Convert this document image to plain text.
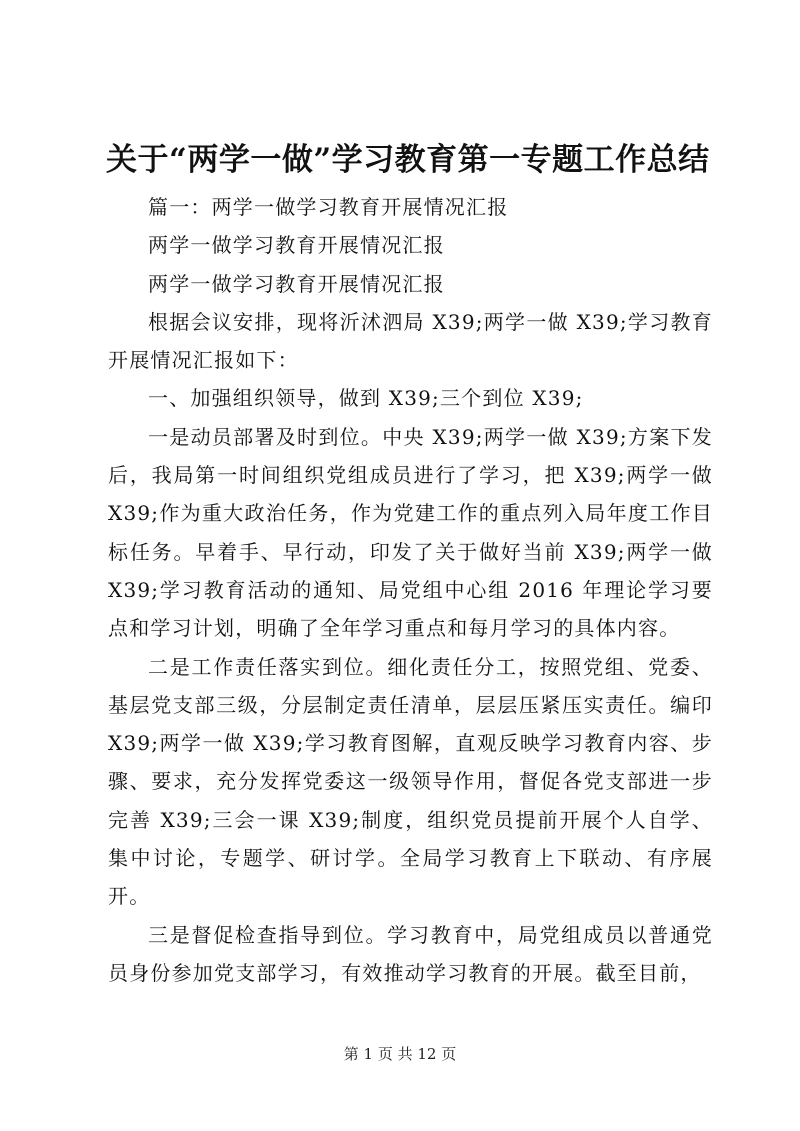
关于“两学一做”学习教育第一专题工作总结

篇一：两学一做学习教育开展情况汇报

两学一做学习教育开展情况汇报

两学一做学习教育开展情况汇报

根据会议安排，现将沂沭泗局 X39;两学一做 X39;学习教育开展情况汇报如下：

一、加强组织领导，做到 X39;三个到位 X39;

一是动员部署及时到位。中央 X39;两学一做 X39;方案下发后，我局第一时间组织党组成员进行了学习，把 X39;两学一做 X39;作为重大政治任务，作为党建工作的重点列入局年度工作目标任务。早着手、早行动，印发了关于做好当前 X39;两学一做 X39;学习教育活动的通知、局党组中心组 2016 年理论学习要点和学习计划，明确了全年学习重点和每月学习的具体内容。

二是工作责任落实到位。细化责任分工，按照党组、党委、基层党支部三级，分层制定责任清单，层层压紧压实责任。编印 X39;两学一做 X39;学习教育图解，直观反映学习教育内容、步骤、要求，充分发挥党委这一级领导作用，督促各党支部进一步完善 X39;三会一课 X39;制度，组织党员提前开展个人自学、集中讨论，专题学、研讨学。全局学习教育上下联动、有序展开。

三是督促检查指导到位。学习教育中，局党组成员以普通党员身份参加党支部学习，有效推动学习教育的开展。截至目前，

第 1 页 共 12 页
